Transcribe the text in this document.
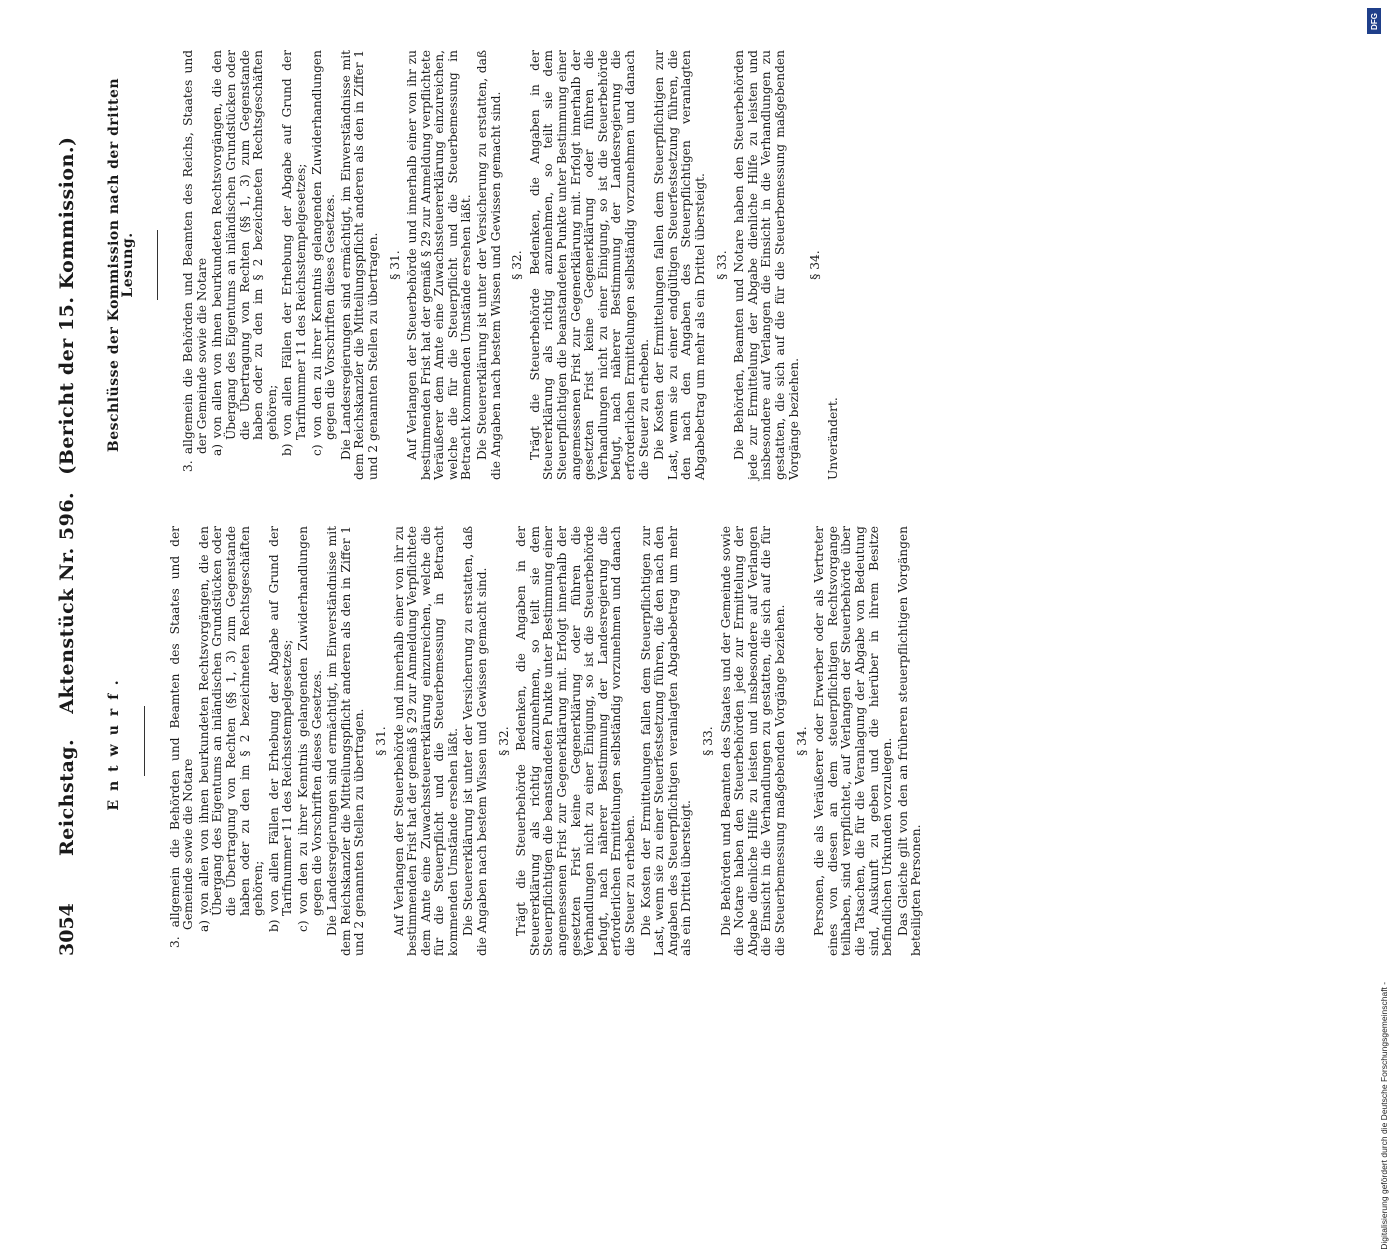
3054
Reichstag. Aktenstück Nr. 596. (Bericht der 15. Kommission.)
Entwurf.	3. allgemein die Behörden und Beamten des Staates und der Gemeinde sowie die Notare a) von allen von ihnen beurkundeten Rechtsvorgängen, die den Übergang des Eigentums an inländischen Grundstücken oder die Übertragung von Rechten (§§ 1, 3) zum Gegenstande haben oder zu den im § 2 bezeichneten Rechtsgeschäften gehören; b) von allen Fällen der Erhebung der Abgabe auf Grund der Tarifnummer 11 des Reichsstempelgesetzes; c) von den zu ihrer Kenntnis gelangenden Zuwiderhandlungen gegen die Vorschriften dieses Gesetzes. Die Landesregierungen sind ermächtigt, im Einverständnisse mit dem Reichskanzler die Mitteilungspflicht anderen als den in Ziffer 1 und 2 genannten Stellen zu übertragen. § 31. Auf Verlangen der Steuerbehörde und innerhalb einer von ihr zu bestimmenden Frist hat der gemäß § 29 zur Anmeldung Verpflichtete dem Amte eine Zuwachssteuererklärung einzureichen, welche die für die Steuerpflicht und die Steuerbemessung in Betracht kommenden Umstände ersehen läßt. Die Steuererklärung ist unter der Versicherung zu erstatten, daß die Angaben nach bestem Wissen und Gewissen gemacht sind. § 32. Trägt die Steuerbehörde Bedenken, die Angaben in der Steuererklärung als richtig anzunehmen, so teilt sie dem Steuerpflichtigen die beanstandeten Punkte unter Bestimmung einer angemessenen Frist zur Gegenerklärung mit. Erfolgt innerhalb der gesetzten Frist keine Gegenerklärung oder führen die Verhandlungen nicht zu einer Einigung, so ist die Steuerbehörde befugt, nach näherer Bestimmung der Landesregierung die erforderlichen Ermittelungen selbständig vorzunehmen und danach die Steuer zu erheben. Die Kosten der Ermittelungen fallen dem Steuerpflichtigen zur Last, wenn sie zu einer Steuerfestsetzung führen, die den nach den Angaben des Steuerpflichtigen veranlagten Abgabebetrag um mehr als ein Drittel übersteigt.

§ 33. Die Behörden und Beamten des Staates und der Gemeinde sowie die Notare haben den Steuerbehörden jede zur Ermittelung der Abgabe dienliche Hilfe zu leisten und insbesondere auf Verlangen die Einsicht in die Verhandlungen zu gestatten, die sich auf die für die Steuerbemessung maßgebenden Vorgänge beziehen. § 34. Personen, die als Veräußerer oder Erwerber oder als Vertreter eines von diesen an dem steuerpflichtigen Rechtsvorgange teilhaben, sind verpflichtet, auf Verlangen der Steuerbehörde über die Tatsachen, die für die Veranlagung der Abgabe von Bedeutung sind, Auskunft zu geben und die hierüber in ihrem Besitze befindlichen Urkunden vorzulegen. Das Gleiche gilt von den an früheren steuerpflichtigen Vorgängen beteiligten Personen.

Beschlüsse der Kommission nach der dritten Lesung.	3. allgemein die Behörden und Beamten des Reichs, Staates und der Gemeinde sowie die Notare a) von allen von ihnen beurkundeten Rechtsvorgängen, die den Übergang des Eigentums an inländischen Grundstücken oder die Übertragung von Rechten (§§ 1, 3) zum Gegenstande haben oder zu den im § 2 bezeichneten Rechtsgeschäften gehören; b) von allen Fällen der Erhebung der Abgabe auf Grund der Tarifnummer 11 des Reichsstempelgesetzes; c) von den zu ihrer Kenntnis gelangenden Zuwiderhandlungen gegen die Vorschriften dieses Gesetzes. Die Landesregierungen sind ermächtigt, im Einverständnisse mit dem Reichskanzler die Mitteilungspflicht anderen als den in Ziffer 1 und 2 genannten Stellen zu übertragen. § 31. Auf Verlangen der Steuerbehörde und innerhalb einer von ihr zu bestimmenden Frist hat der gemäß § 29 zur Anmeldung verpflichtete Veräußerer dem Amte eine Zuwachssteuererklärung einzureichen, welche die für die Steuerpflicht und die Steuerbemessung in Betracht kommenden Umstände ersehen läßt. Die Steuererklärung ist unter der Versicherung zu erstatten, daß die Angaben nach bestem Wissen und Gewissen gemacht sind. § 32. Trägt die Steuerbehörde Bedenken, die Angaben in der Steuererklärung als richtig anzunehmen, so teilt sie dem Steuerpflichtigen die beanstandeten Punkte unter Bestimmung einer angemessenen Frist zur Gegenerklärung mit. Erfolgt innerhalb der gesetzten Frist keine Gegenerklärung oder führen die Verhandlungen nicht zu einer Einigung, so ist die Steuerbehörde befugt, nach näherer Bestimmung der Landesregierung die erforderlichen Ermittelungen selbständig vorzunehmen und danach die Steuer zu erheben. Die Kosten der Ermittelungen fallen dem Steuerpflichtigen zur Last, wenn sie zu einer endgültigen Steuerfestsetzung führen, die den nach den Angaben des Steuerpflichtigen veranlagten Abgabebetrag um mehr als ein Drittel übersteigt. § 33. Die Behörden, Beamten und Notare haben den Steuerbehörden jede zur Ermittelung der Abgabe dienliche Hilfe zu leisten und insbesondere auf Verlangen die Einsicht in die Verhandlungen zu gestatten, die sich auf die für die Steuerbemessung maßgebenden Vorgänge beziehen.

§ 34.

Unverändert.

DFG
Digitalisierung gefördert durch die Deutsche Forschungsgemeinschaft -
